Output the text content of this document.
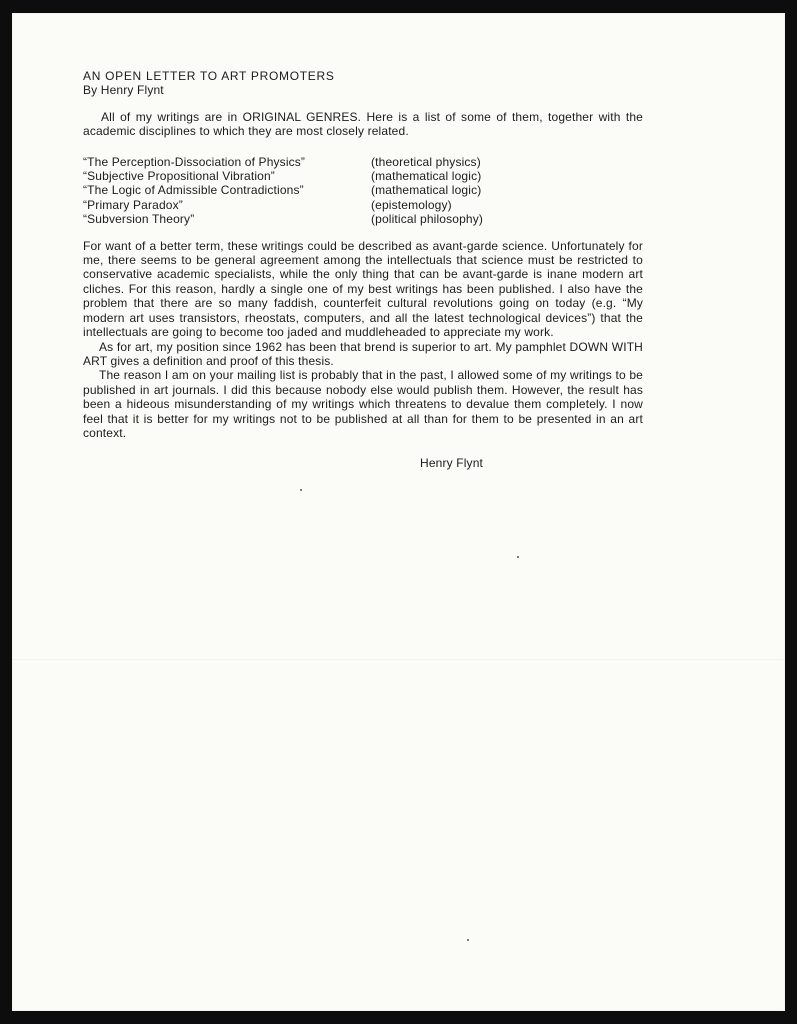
AN OPEN LETTER TO ART PROMOTERS
By Henry Flynt

All of my writings are in ORIGINAL GENRES. Here is a list of some of them, together with the academic disciplines to which they are most closely related.

“The Perception-Dissociation of Physics”	(theoretical physics)
“Subjective Propositional Vibration”	(mathematical logic)
“The Logic of Admissible Contradictions”	(mathematical logic)
“Primary Paradox”	(epistemology)
“Subversion Theory”	(political philosophy)
For want of a better term, these writings could be described as avant-garde science. Unfortunately for me, there seems to be general agreement among the intellectuals that science must be restricted to conservative academic specialists, while the only thing that can be avant-garde is inane modern art cliches. For this reason, hardly a single one of my best writings has been published. I also have the problem that there are so many faddish, counterfeit cultural revolutions going on today (e.g. “My modern art uses transistors, rheostats, computers, and all the latest technological devices”) that the intellectuals are going to become too jaded and muddleheaded to appreciate my work.
As for art, my position since 1962 has been that brend is superior to art. My pamphlet DOWN WITH ART gives a definition and proof of this thesis.
The reason I am on your mailing list is probably that in the past, I allowed some of my writings to be published in art journals. I did this because nobody else would publish them. However, the result has been a hideous misunderstanding of my writings which threatens to devalue them completely. I now feel that it is better for my writings not to be published at all than for them to be presented in an art context.
Henry Flynt
